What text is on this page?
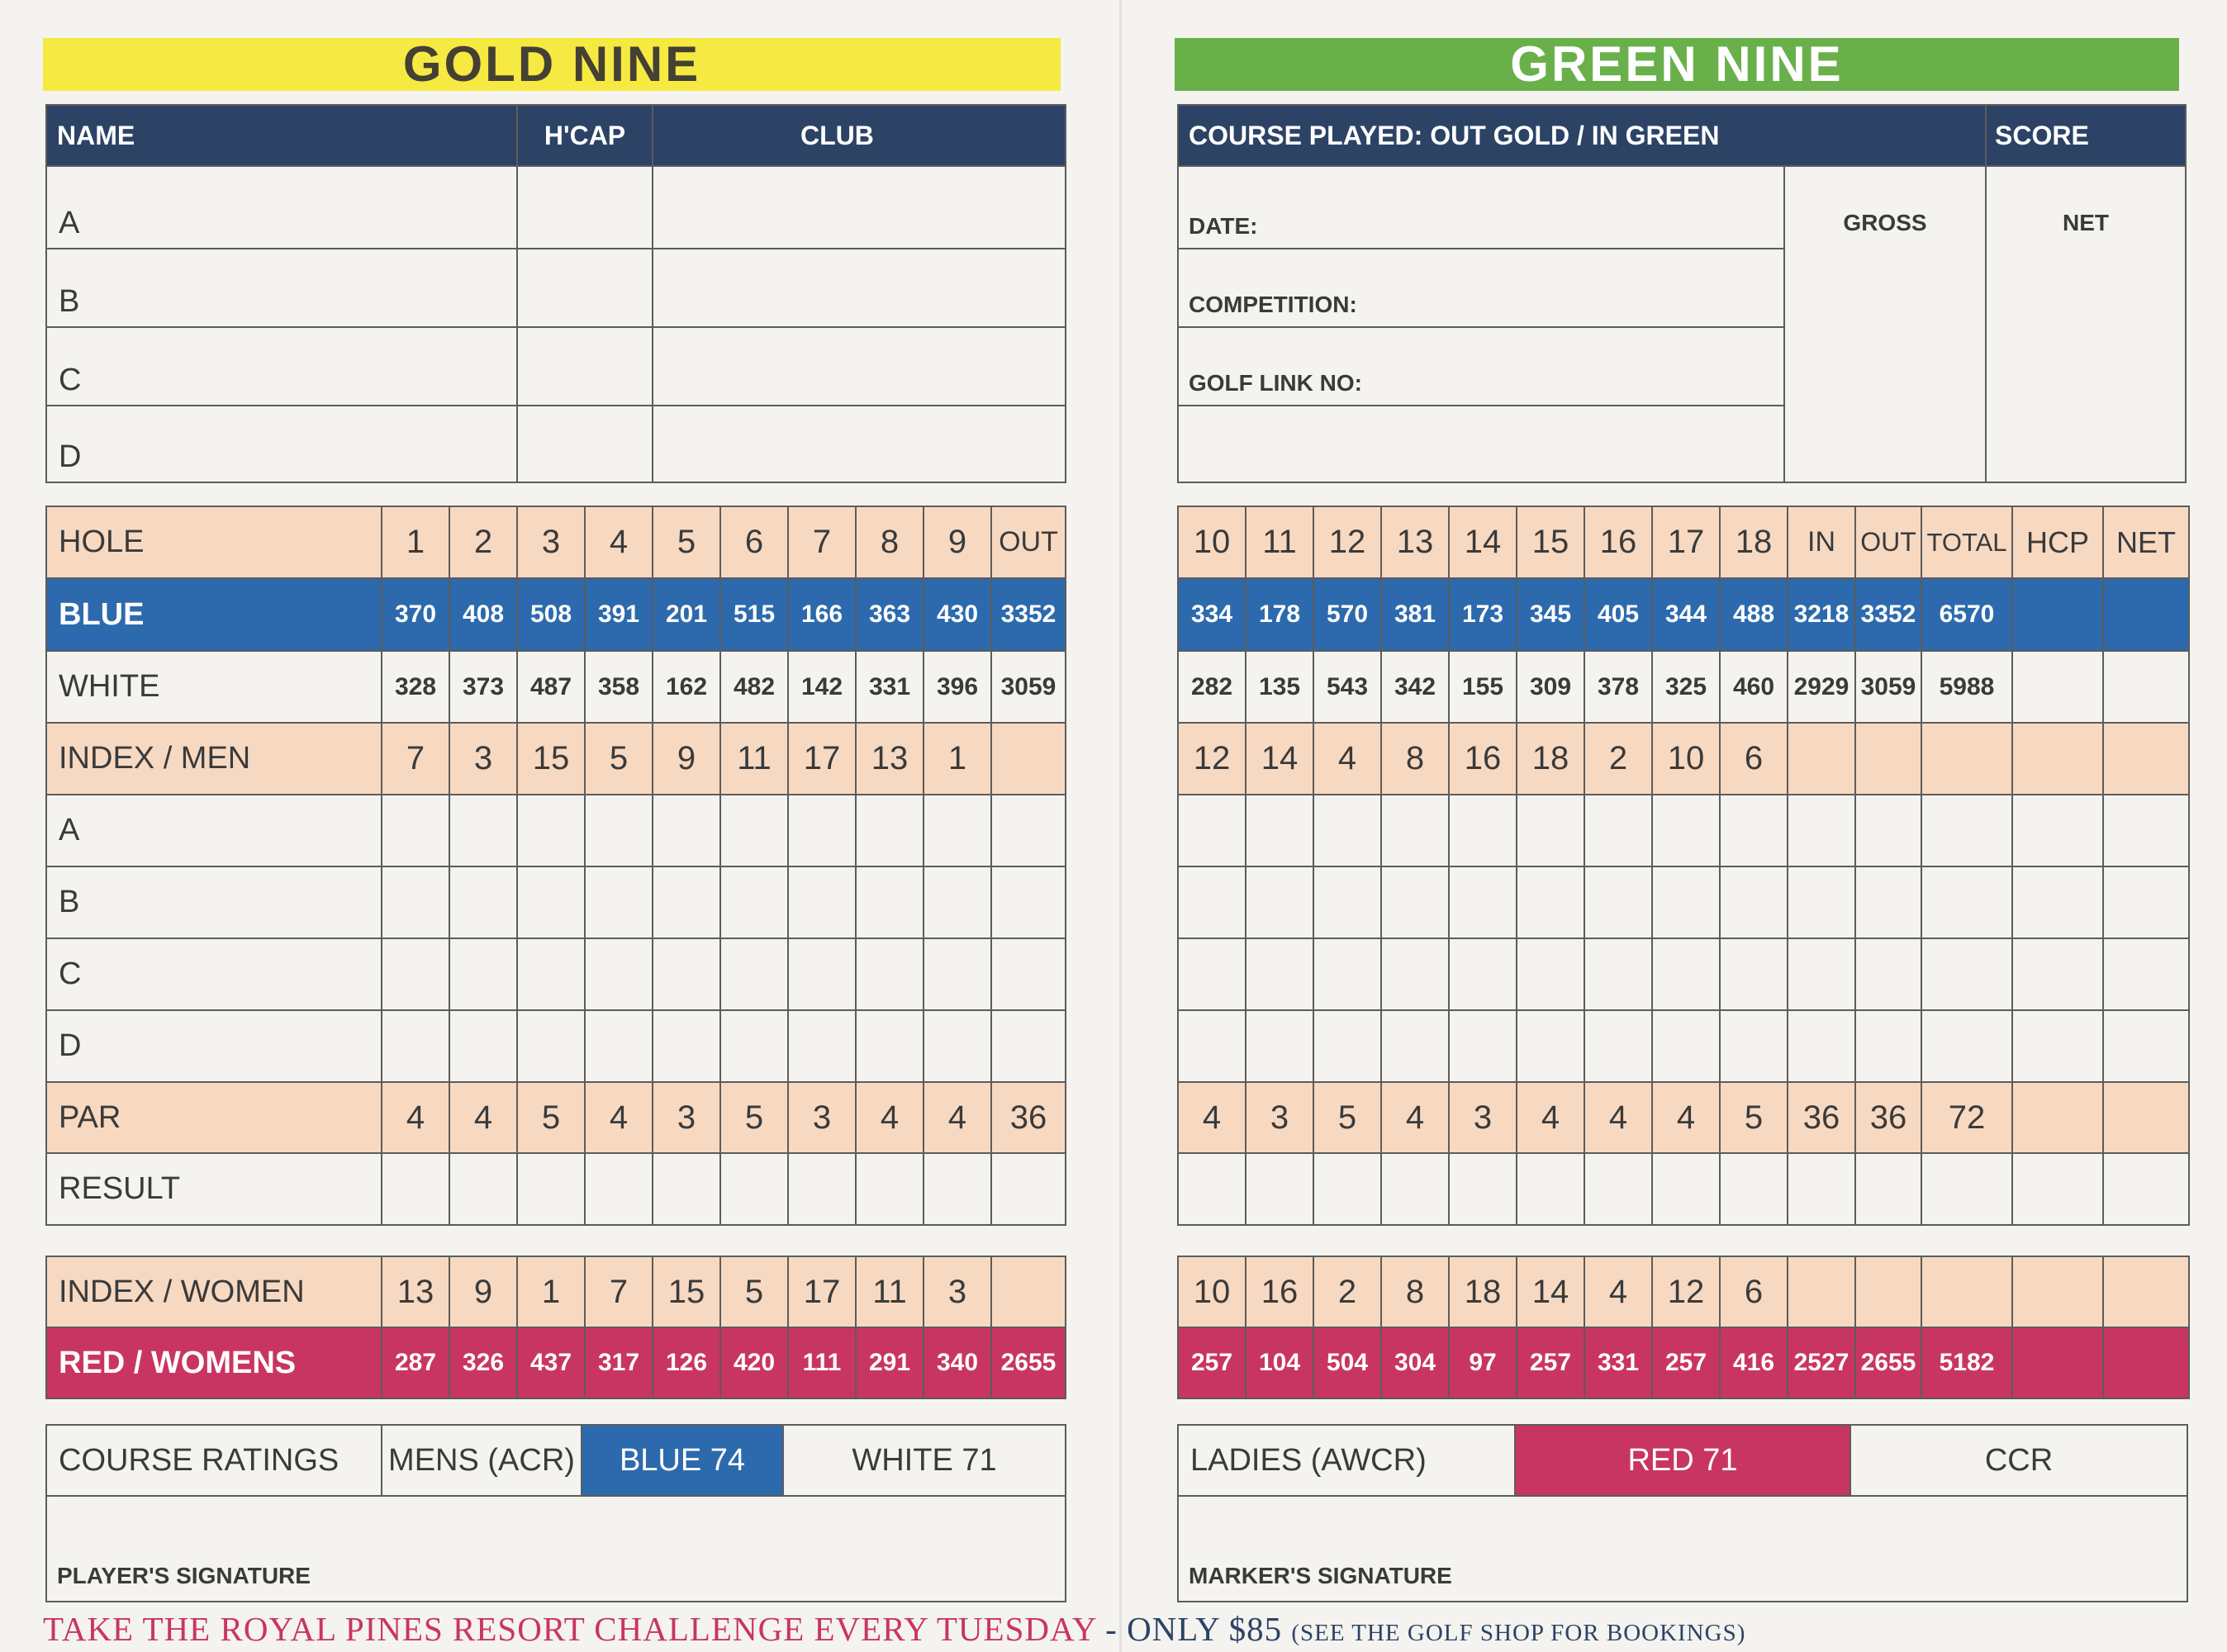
GOLD NINE
NAME	H'CAP	CLUB
A		
B		
C		
D		
HOLE	1	2	3	4	5	6	7	8	9	OUT
BLUE	370	408	508	391	201	515	166	363	430	3352
WHITE	328	373	487	358	162	482	142	331	396	3059
INDEX / MEN	7	3	15	5	9	11	17	13	1	
A										
B										
C										
D										
PAR	4	4	5	4	3	5	3	4	4	36
RESULT										
INDEX / WOMEN	13	9	1	7	15	5	17	11	3	
RED / WOMENS	287	326	437	317	126	420	111	291	340	2655
COURSE RATINGS	MENS (ACR)	BLUE 74	WHITE 71
PLAYER'S SIGNATURE
GREEN NINE
COURSE PLAYED: OUT GOLD / IN GREEN		SCORE
DATE:	GROSS	NET
COMPETITION:		
GOLF LINK NO:		

10	11	12	13	14	15	16	17	18	IN	OUT	TOTAL	HCP	NET
334	178	570	381	173	345	405	344	488	3218	3352	6570		
282	135	543	342	155	309	378	325	460	2929	3059	5988		
12	14	4	8	16	18	2	10	6					

4	3	5	4	3	4	4	4	5	36	36	72		

10	16	2	8	18	14	4	12	6					
257	104	504	304	97	257	331	257	416	2527	2655	5182		
LADIES (AWCR)	RED 71	CCR
MARKER'S SIGNATURE
TAKE THE ROYAL PINES RESORT CHALLENGE EVERY TUESDAY - ONLY $85 (SEE THE GOLF SHOP FOR BOOKINGS)
